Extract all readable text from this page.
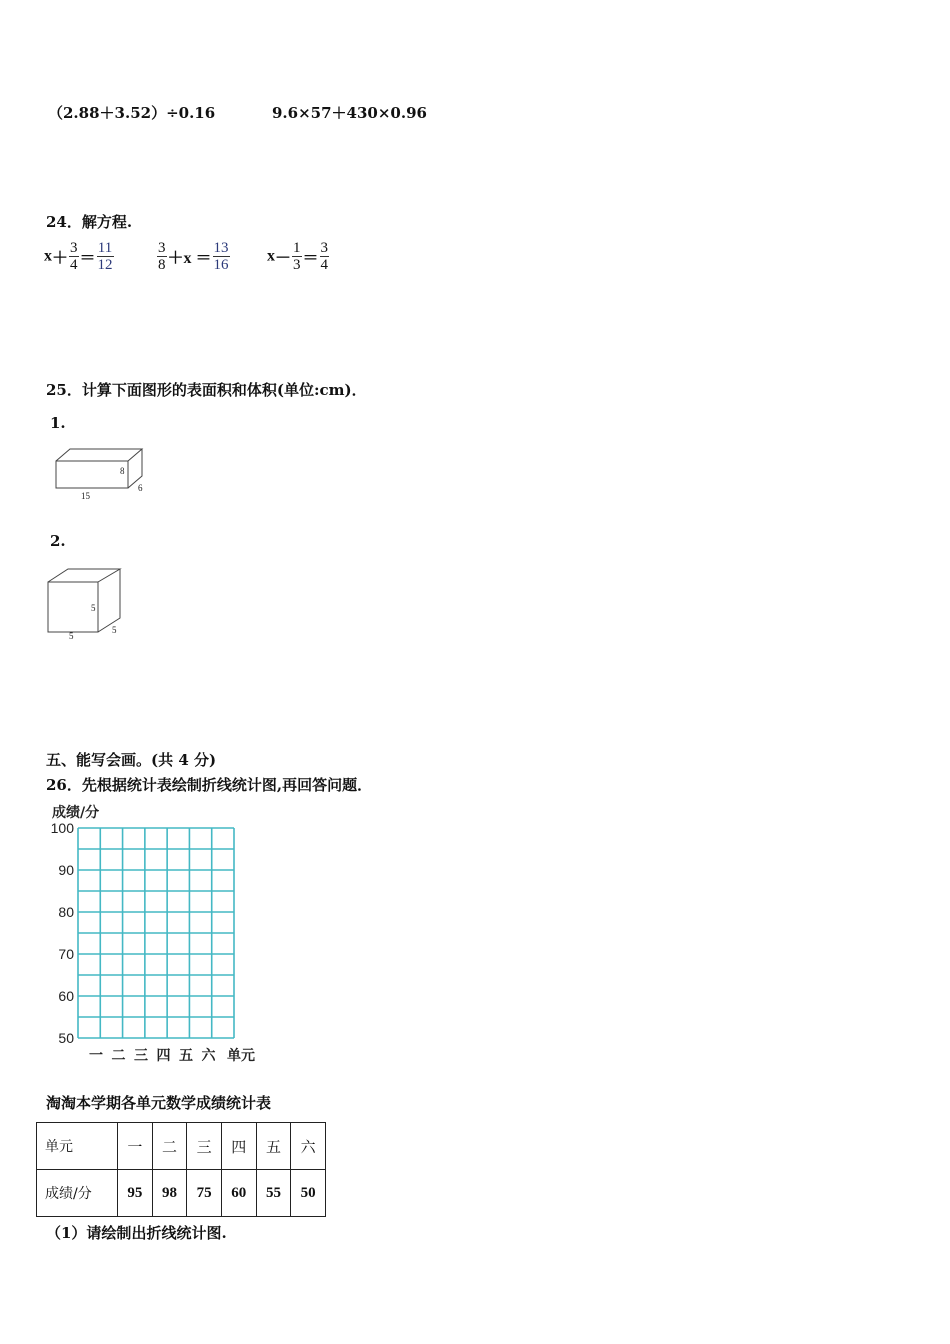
（2.88＋3.52）÷0.16	9.6×57＋430×0.96
24．解方程.
$x+ \frac{3}{4} = \frac{11}{12}$	$\frac{3}{8} +x = \frac{13}{16} x- \frac{1}{3} = \frac{3}{4}$
25．计算下面图形的表面积和体积(单位:cm)．
1.
8
15
6
2.
5
5
5
五、能写会画。(共 4 分)
26．先根据统计表绘制折线统计图,再回答问题．
成绩/分
100
90
80
70
60
50
一 二 三 四 五 六 单元
淘淘本学期各单元数学成绩统计表
单元	一	二	三	四	五	六
成绩/分	95	98	75	60	55	50
（1）请绘制出折线统计图.
